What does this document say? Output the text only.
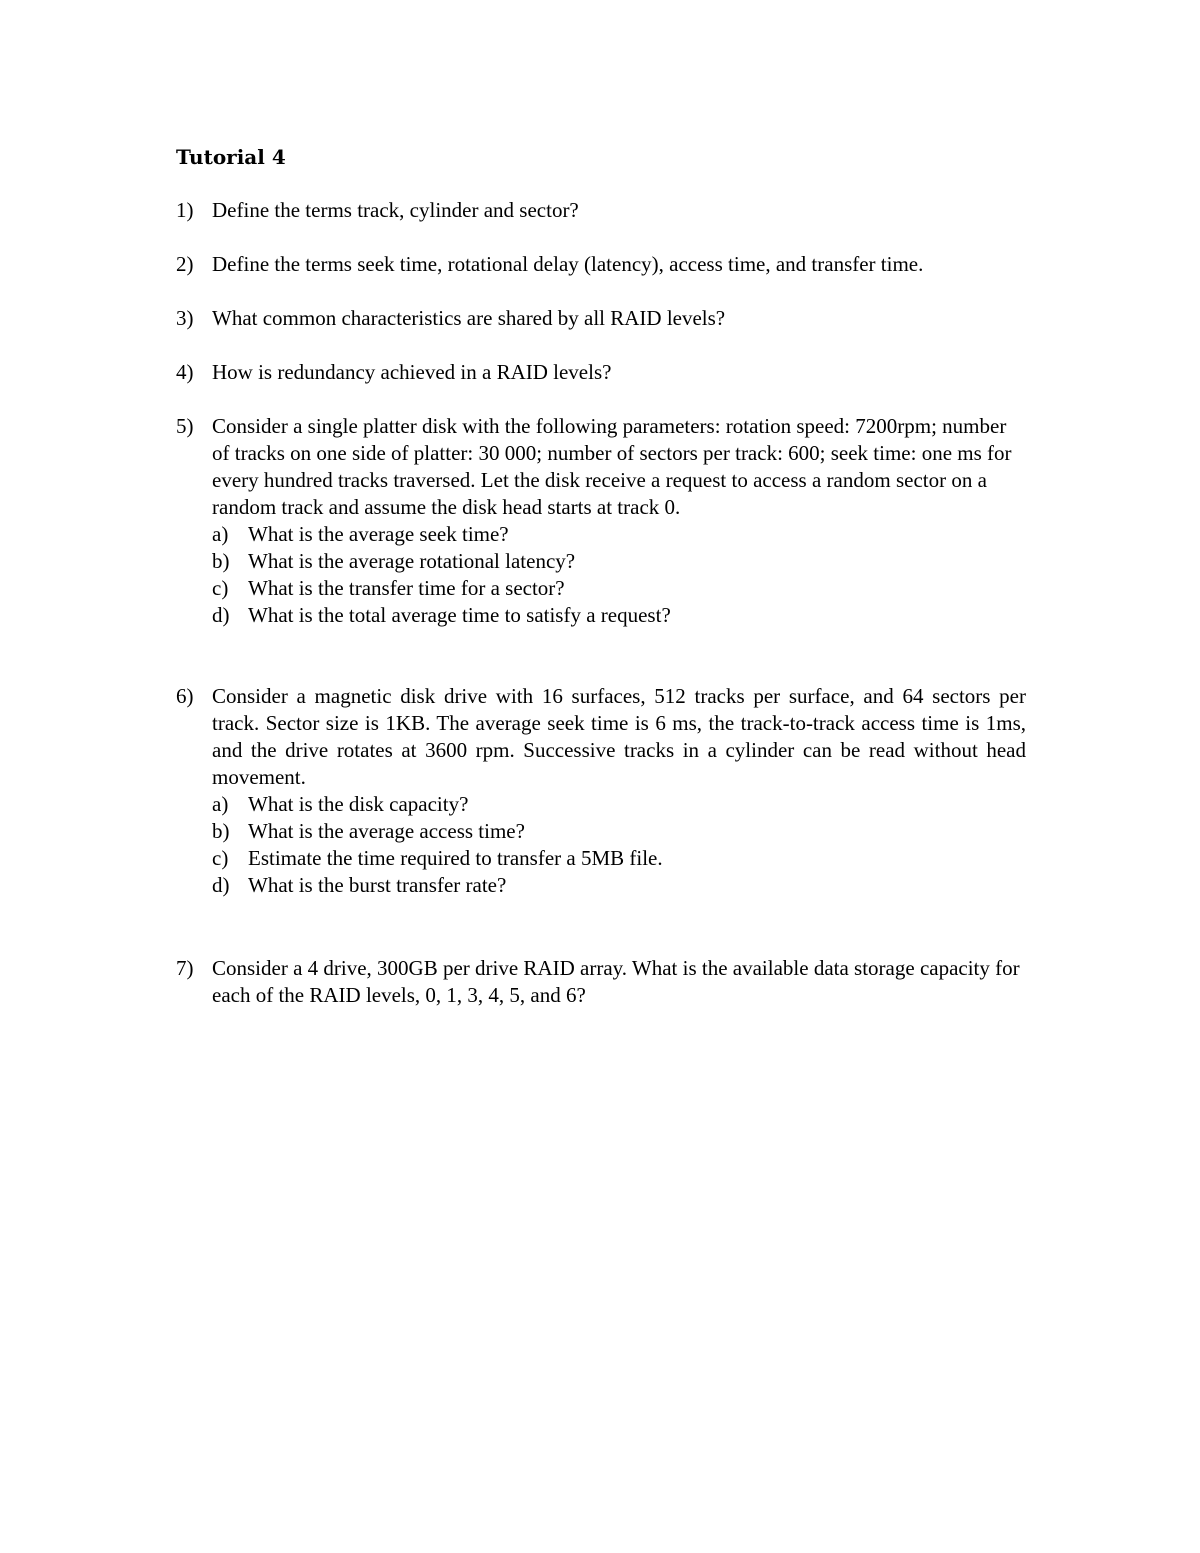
Tutorial 4
1) Define the terms track, cylinder and sector?
2) Define the terms seek time, rotational delay (latency), access time, and transfer time.
3) What common characteristics are shared by all RAID levels?
4) How is redundancy achieved in a RAID levels?
5) Consider a single platter disk with the following parameters: rotation speed: 7200rpm; number of tracks on one side of platter: 30 000; number of sectors per track: 600; seek time: one ms for every hundred tracks traversed. Let the disk receive a request to access a random sector on a random track and assume the disk head starts at track 0.
a) What is the average seek time?
b) What is the average rotational latency?
c) What is the transfer time for a sector?
d) What is the total average time to satisfy a request?
6) Consider a magnetic disk drive with 16 surfaces, 512 tracks per surface, and 64 sectors per track. Sector size is 1KB. The average seek time is 6 ms, the track-to-track access time is 1ms, and the drive rotates at 3600 rpm. Successive tracks in a cylinder can be read without head movement.
a) What is the disk capacity?
b) What is the average access time?
c) Estimate the time required to transfer a 5MB file.
d) What is the burst transfer rate?
7) Consider a 4 drive, 300GB per drive RAID array. What is the available data storage capacity for each of the RAID levels, 0, 1, 3, 4, 5, and 6?
